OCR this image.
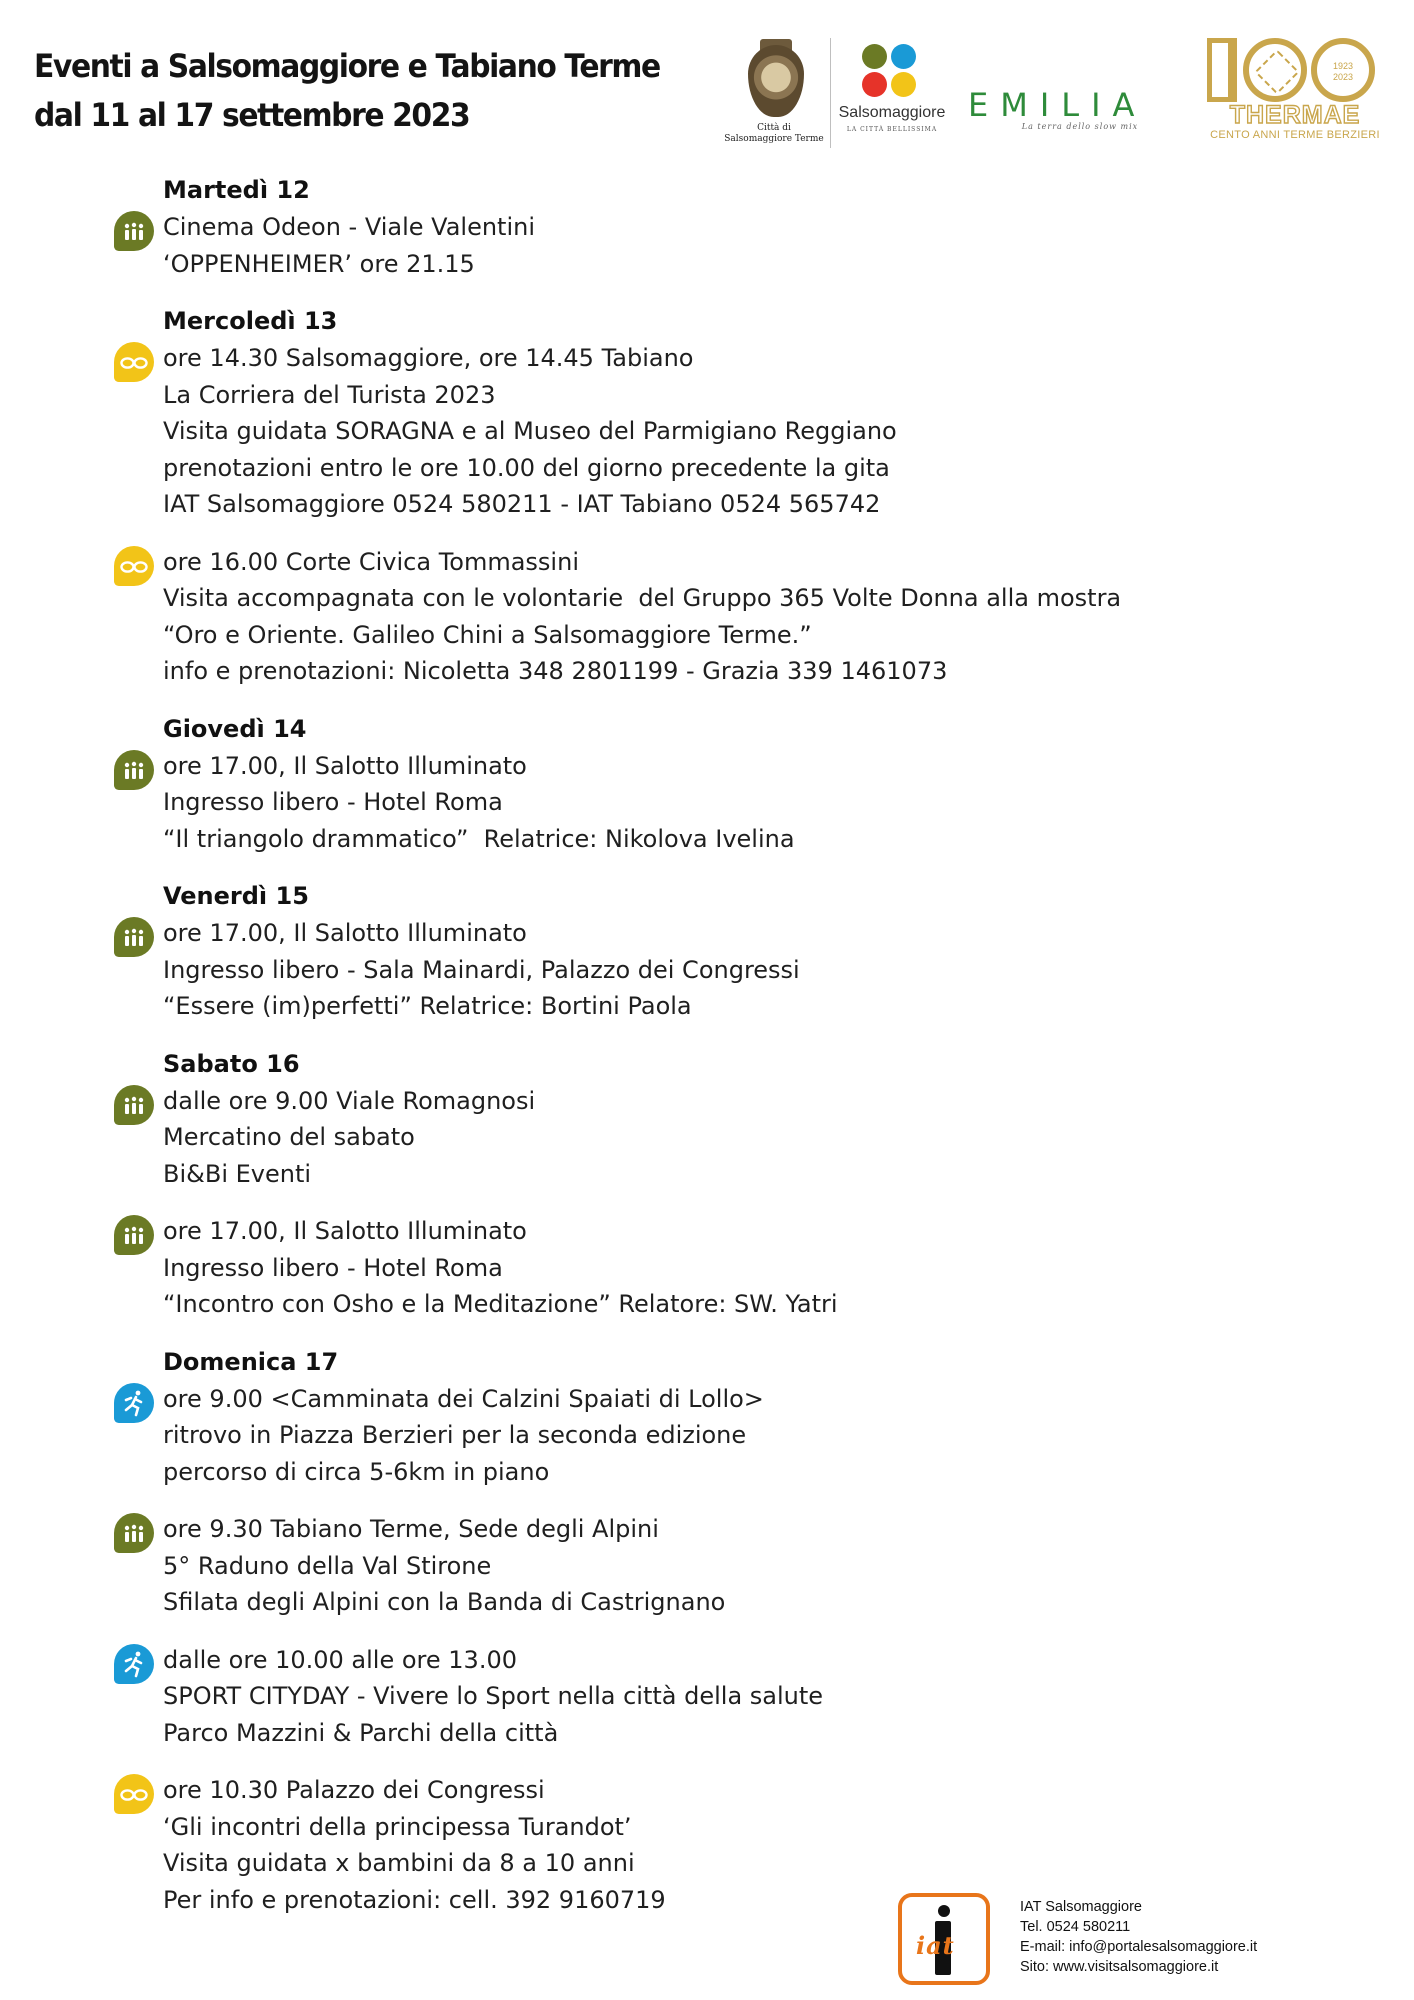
Eventi a Salsomaggiore e Tabiano Terme
dal 11 al 17 settembre 2023	Città di
Salsomaggiore Terme
Salsomaggiore
LA CITTÀ BELLISSIMA
EMILIA
La terra dello slow mix
1923
2023
THERMAE
CENTO ANNI TERME BERZIERI
Martedì 12
Cinema Odeon - Viale Valentini
‘OPPENHEIMER’ ore 21.15
Mercoledì 13
ore 14.30 Salsomaggiore, ore 14.45 Tabiano
La Corriera del Turista 2023
Visita guidata SORAGNA e al Museo del Parmigiano Reggiano
prenotazioni entro le ore 10.00 del giorno precedente la gita
IAT Salsomaggiore 0524 580211 - IAT Tabiano 0524 565742
ore 16.00 Corte Civica Tommassini
Visita accompagnata con le volontarie  del Gruppo 365 Volte Donna alla mostra
“Oro e Oriente. Galileo Chini a Salsomaggiore Terme.”
info e prenotazioni: Nicoletta 348 2801199 - Grazia 339 1461073
Giovedì 14
ore 17.00, Il Salotto Illuminato
Ingresso libero - Hotel Roma
“Il triangolo drammatico”  Relatrice: Nikolova Ivelina
Venerdì 15
ore 17.00, Il Salotto Illuminato
Ingresso libero - Sala Mainardi, Palazzo dei Congressi
“Essere (im)perfetti” Relatrice: Bortini Paola
Sabato 16
dalle ore 9.00 Viale Romagnosi
Mercatino del sabato
Bi&Bi Eventi
ore 17.00, Il Salotto Illuminato
Ingresso libero - Hotel Roma
“Incontro con Osho e la Meditazione” Relatore: SW. Yatri
Domenica 17
ore 9.00 <Camminata dei Calzini Spaiati di Lollo>
ritrovo in Piazza Berzieri per la seconda edizione
percorso di circa 5-6km in piano
ore 9.30 Tabiano Terme, Sede degli Alpini
5° Raduno della Val Stirone
Sfilata degli Alpini con la Banda di Castrignano
dalle ore 10.00 alle ore 13.00
SPORT CITYDAY - Vivere lo Sport nella città della salute
Parco Mazzini & Parchi della città
ore 10.30 Palazzo dei Congressi
‘Gli incontri della principessa Turandot’
Visita guidata x bambini da 8 a 10 anni
Per info e prenotazioni: cell. 392 9160719
iat
IAT Salsomaggiore
Tel. 0524 580211
E-mail: info@portalesalsomaggiore.it
Sito: www.visitsalsomaggiore.it
